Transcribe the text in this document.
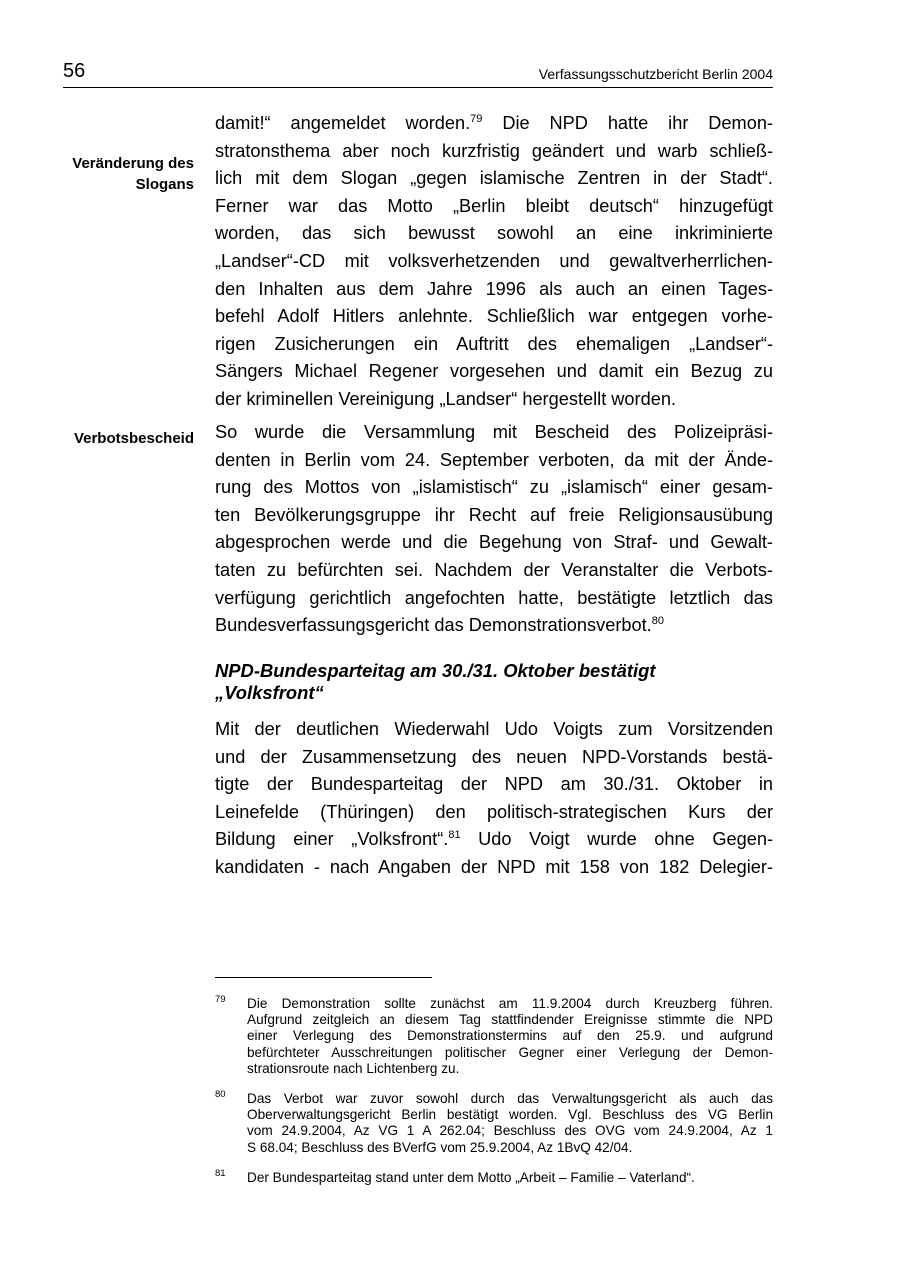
56	Verfassungsschutzbericht Berlin 2004
Veränderung des
Slogans
Verbotsbescheid
damit!“ angemeldet worden.$^{79}$ Die NPD hatte ihr Demon-
stratonsthema aber noch kurzfristig geändert und warb schließ-
lich mit dem Slogan „gegen islamische Zentren in der Stadt“.
Ferner war das Motto „Berlin bleibt deutsch“ hinzugefügt
worden, das sich bewusst sowohl an eine inkriminierte
„Landser“-CD mit volksverhetzenden und gewaltverherrlichen-
den Inhalten aus dem Jahre 1996 als auch an einen Tages-
befehl Adolf Hitlers anlehnte. Schließlich war entgegen vorhe-
rigen Zusicherungen ein Auftritt des ehemaligen „Landser“-
Sängers Michael Regener vorgesehen und damit ein Bezug zu
der kriminellen Vereinigung „Landser“ hergestellt worden.
So wurde die Versammlung mit Bescheid des Polizeipräsi-
denten in Berlin vom 24. September verboten, da mit der Ände-
rung des Mottos von „islamistisch“ zu „islamisch“ einer gesam-
ten Bevölkerungsgruppe ihr Recht auf freie Religionsausübung
abgesprochen werde und die Begehung von Straf- und Gewalt-
taten zu befürchten sei. Nachdem der Veranstalter die Verbots-
verfügung gerichtlich angefochten hatte, bestätigte letztlich das
Bundesverfassungsgericht das Demonstrationsverbot.$^{80}$
NPD-Bundesparteitag am 30./31. Oktober bestätigt
„Volksfront“
Mit der deutlichen Wiederwahl Udo Voigts zum Vorsitzenden
und der Zusammensetzung des neuen NPD-Vorstands bestä-
tigte der Bundesparteitag der NPD am 30./31. Oktober in
Leinefelde (Thüringen) den politisch-strategischen Kurs der
Bildung einer „Volksfront“.$^{81}$ Udo Voigt wurde ohne Gegen-
kandidaten - nach Angaben der NPD mit 158 von 182 Delegier-
79 Die Demonstration sollte zunächst am 11.9.2004 durch Kreuzberg führen.
Aufgrund zeitgleich an diesem Tag stattfindender Ereignisse stimmte die NPD
einer Verlegung des Demonstrationstermins auf den 25.9. und aufgrund
befürchteter Ausschreitungen politischer Gegner einer Verlegung der Demon-
strationsroute nach Lichtenberg zu.
80 Das Verbot war zuvor sowohl durch das Verwaltungsgericht als auch das
Oberverwaltungsgericht Berlin bestätigt worden. Vgl. Beschluss des VG Berlin
vom 24.9.2004, Az VG 1 A 262.04; Beschluss des OVG vom 24.9.2004, Az 1
S 68.04; Beschluss des BVerfG vom 25.9.2004, Az 1BvQ 42/04.
81 Der Bundesparteitag stand unter dem Motto „Arbeit – Familie – Vaterland“.
